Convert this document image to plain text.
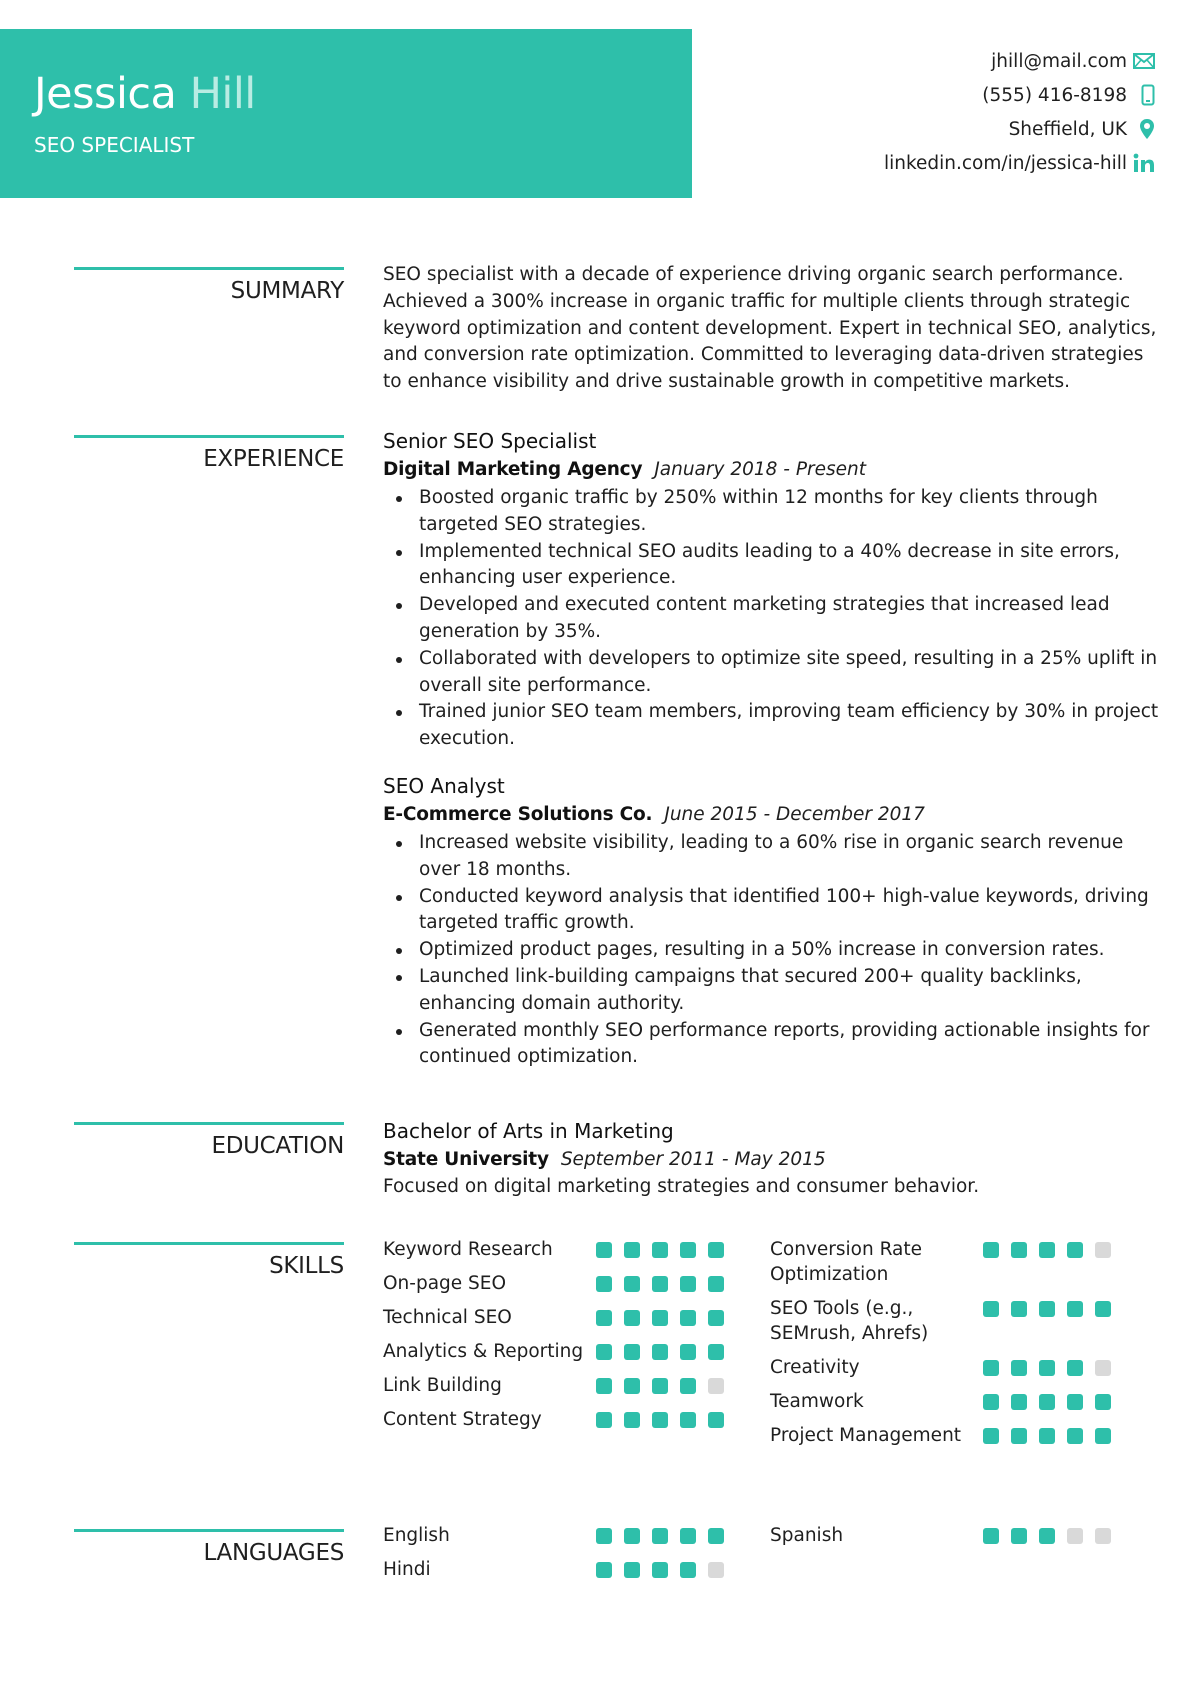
Jessica Hill
SEO SPECIALIST
jhill@mail.com
(555) 416-8198
Sheffield, UK
linkedin.com/in/jessica-hill
SUMMARY
SEO specialist with a decade of experience driving organic search performance. Achieved a 300% increase in organic traffic for multiple clients through strategic keyword optimization and content development. Expert in technical SEO, analytics, and conversion rate optimization. Committed to leveraging data-driven strategies to enhance visibility and drive sustainable growth in competitive markets.
EXPERIENCE
Senior SEO Specialist
Digital Marketing Agency January 2018 - Present
Boosted organic traffic by 250% within 12 months for key clients through targeted SEO strategies.
Implemented technical SEO audits leading to a 40% decrease in site errors, enhancing user experience.
Developed and executed content marketing strategies that increased lead generation by 35%.
Collaborated with developers to optimize site speed, resulting in a 25% uplift in overall site performance.
Trained junior SEO team members, improving team efficiency by 30% in project execution.
SEO Analyst
E-Commerce Solutions Co. June 2015 - December 2017
Increased website visibility, leading to a 60% rise in organic search revenue over 18 months.
Conducted keyword analysis that identified 100+ high-value keywords, driving targeted traffic growth.
Optimized product pages, resulting in a 50% increase in conversion rates.
Launched link-building campaigns that secured 200+ quality backlinks, enhancing domain authority.
Generated monthly SEO performance reports, providing actionable insights for continued optimization.
EDUCATION
Bachelor of Arts in Marketing
State University September 2011 - May 2015
Focused on digital marketing strategies and consumer behavior.
SKILLS
Keyword Research
On-page SEO
Technical SEO
Analytics & Reporting
Link Building
Content Strategy
Conversion Rate Optimization
SEO Tools (e.g., SEMrush, Ahrefs)
Creativity
Teamwork
Project Management
LANGUAGES
English
Hindi
Spanish
